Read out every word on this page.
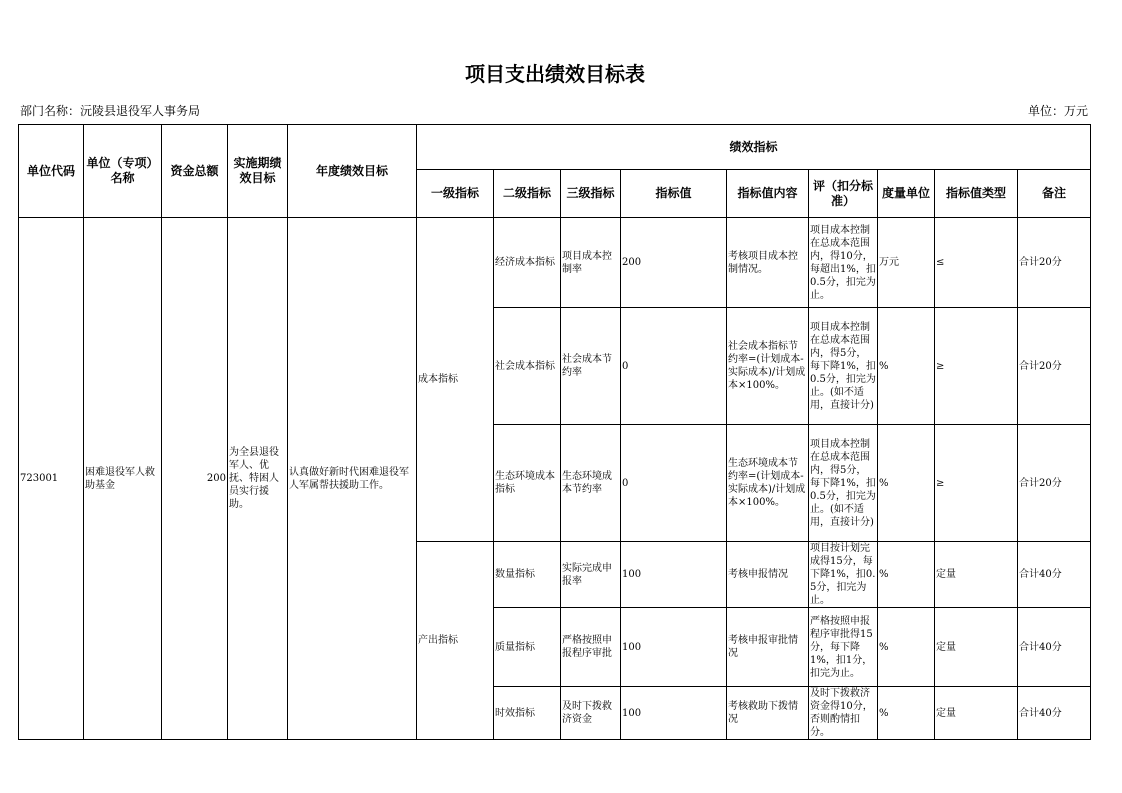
项目支出绩效目标表
部门名称：沅陵县退役军人事务局	单位：万元
单位代码	单位（专项）名称	资金总额	实施期绩效目标	年度绩效目标	绩效指标								
					一级指标	二级指标	三级指标	指标值	指标值内容	评（扣分标准）	度量单位	指标值类型	备注
723001	困难退役军人救助基金	200	为全县退役军人、优抚、特困人员实行援助。	认真做好新时代困难退役军人军属帮扶援助工作。	成本指标	经济成本指标	项目成本控制率	200	考核项目成本控制情况。	项目成本控制在总成本范围内，得10分，每超出1%，扣0.5分，扣完为止。	万元	≤	合计20分
						社会成本指标	社会成本节约率	0	社会成本指标节约率=(计划成本-实际成本)/计划成本×100%。	项目成本控制在总成本范围内，得5分，每下降1%，扣0.5分，扣完为止。(如不适用，直接计分)	%	≥	合计20分
						生态环境成本指标	生态环境成本节约率	0	生态环境成本节约率=(计划成本-实际成本)/计划成本×100%。	项目成本控制在总成本范围内，得5分，每下降1%，扣0.5分，扣完为止。(如不适用，直接计分)	%	≥	合计20分
					产出指标	数量指标	实际完成申报率	100	考核申报情况	项目按计划完成得15分，每下降1%，扣0.5分，扣完为止。	%	定量	合计40分
						质量指标	严格按照申报程序审批	100	考核申报审批情况	严格按照申报程序审批得15分，每下降1%，扣1分，扣完为止。	%	定量	合计40分
						时效指标	及时下拨救济资金	100	考核救助下拨情况	及时下拨救济资金得10分，否则酌情扣分。	%	定量	合计40分
